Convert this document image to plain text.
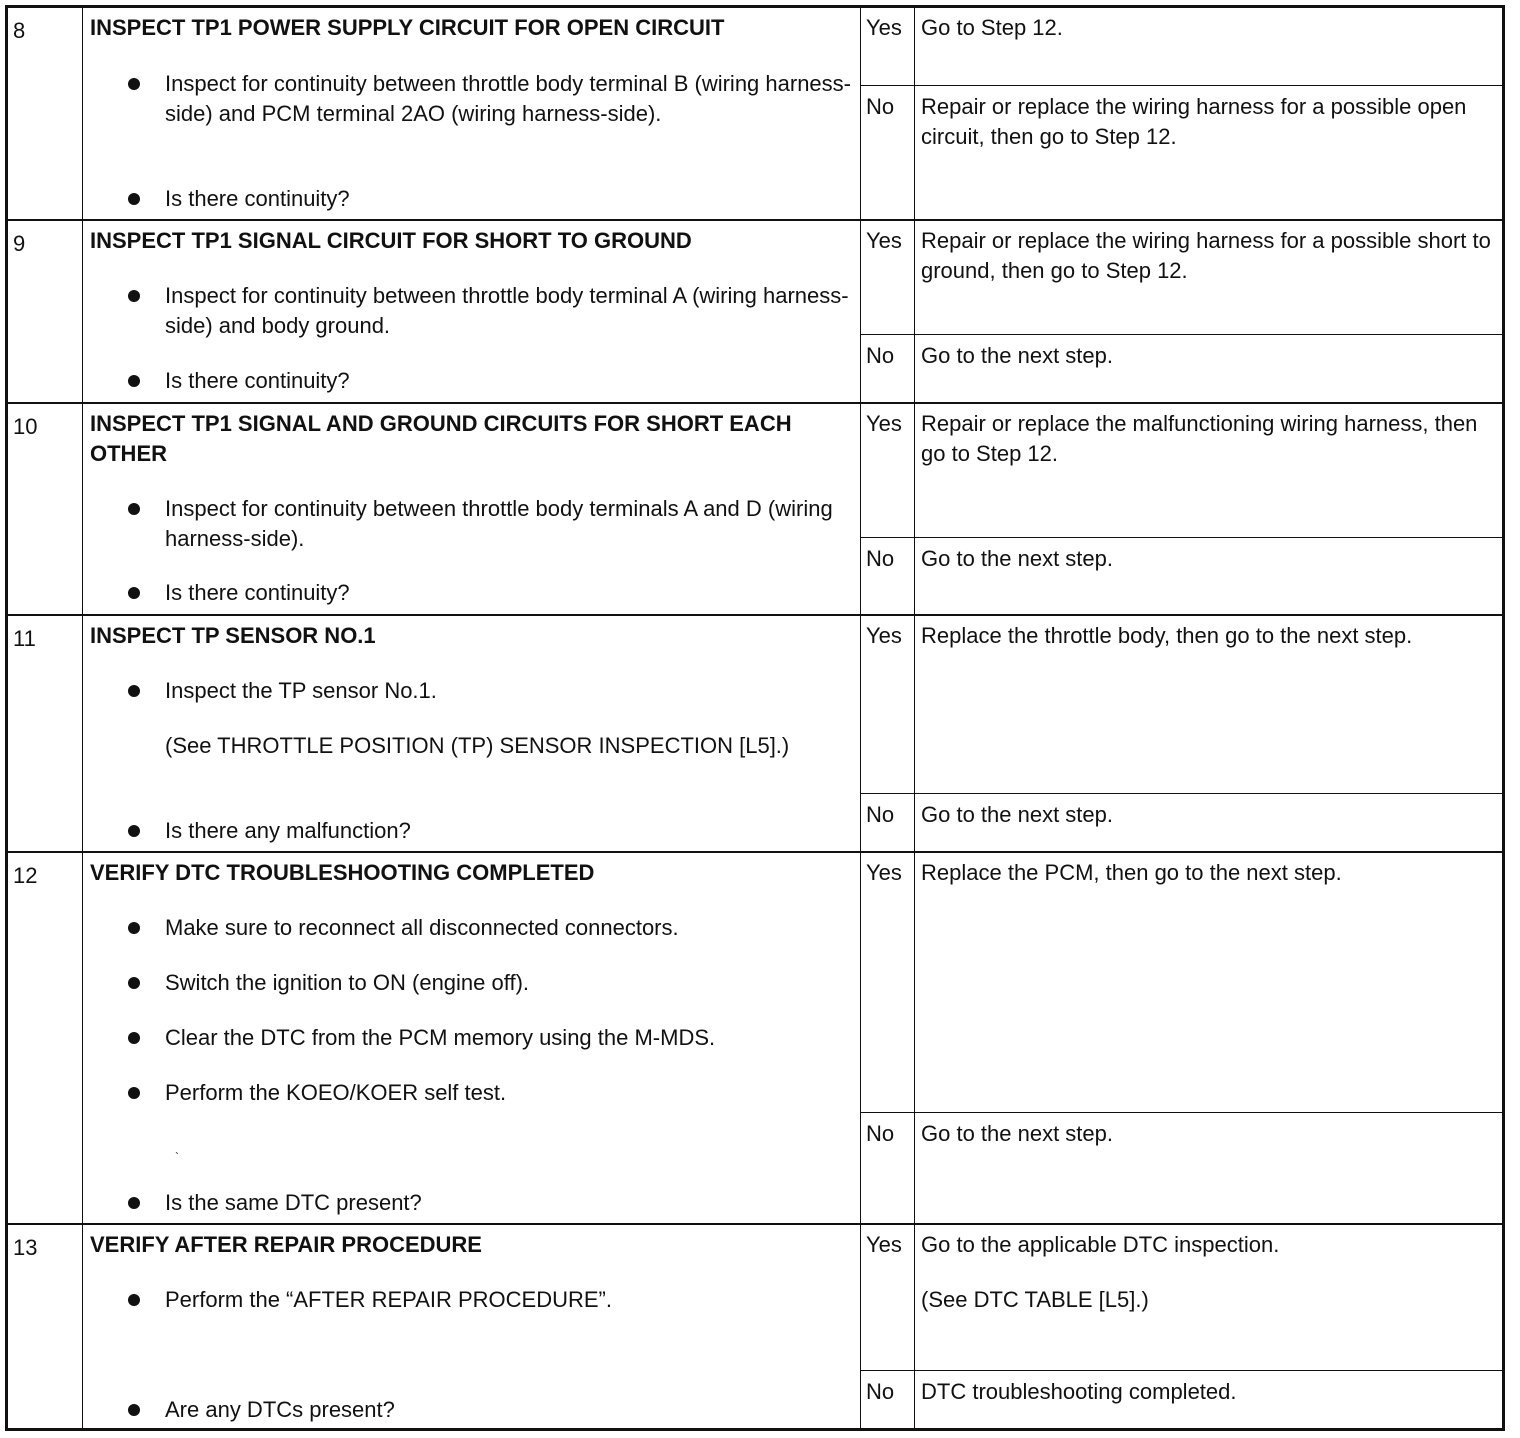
8	INSPECT TP1 POWER SUPPLY CIRCUIT FOR OPEN CIRCUIT
Inspect for continuity between throttle body terminal B (wiring harness-side) and PCM terminal 2AO (wiring harness-side).
Is there continuity?
Yes Go to Step 12.
No	Repair or replace the wiring harness for a possible open circuit, then go to Step 12.
9	INSPECT TP1 SIGNAL CIRCUIT FOR SHORT TO GROUND
Inspect for continuity between throttle body terminal A (wiring harness-side) and body ground.
Is there continuity?
Yes Repair or replace the wiring harness for a possible short to ground, then go to Step 12.
No	Go to the next step.
10	INSPECT TP1 SIGNAL AND GROUND CIRCUITS FOR SHORT EACH OTHER
Inspect for continuity between throttle body terminals A and D (wiring harness-side).
Is there continuity?
Yes Repair or replace the malfunctioning wiring harness, then go to Step 12.
No	Go to the next step.
11	INSPECT TP SENSOR NO.1
Inspect the TP sensor No.1.
(See THROTTLE POSITION (TP) SENSOR INSPECTION [L5].)
Is there any malfunction?
Yes Replace the throttle body, then go to the next step.
No	Go to the next step.
12	VERIFY DTC TROUBLESHOOTING COMPLETED
Make sure to reconnect all disconnected connectors.
Switch the ignition to ON (engine off).
Clear the DTC from the PCM memory using the M-MDS.
Perform the KOEO/KOER self test.
`
Is the same DTC present?
Yes Replace the PCM, then go to the next step.
No	Go to the next step.
13	VERIFY AFTER REPAIR PROCEDURE
Perform the “AFTER REPAIR PROCEDURE”.
Are any DTCs present?
Yes Go to the applicable DTC inspection.
(See DTC TABLE [L5].)
No	DTC troubleshooting completed.
